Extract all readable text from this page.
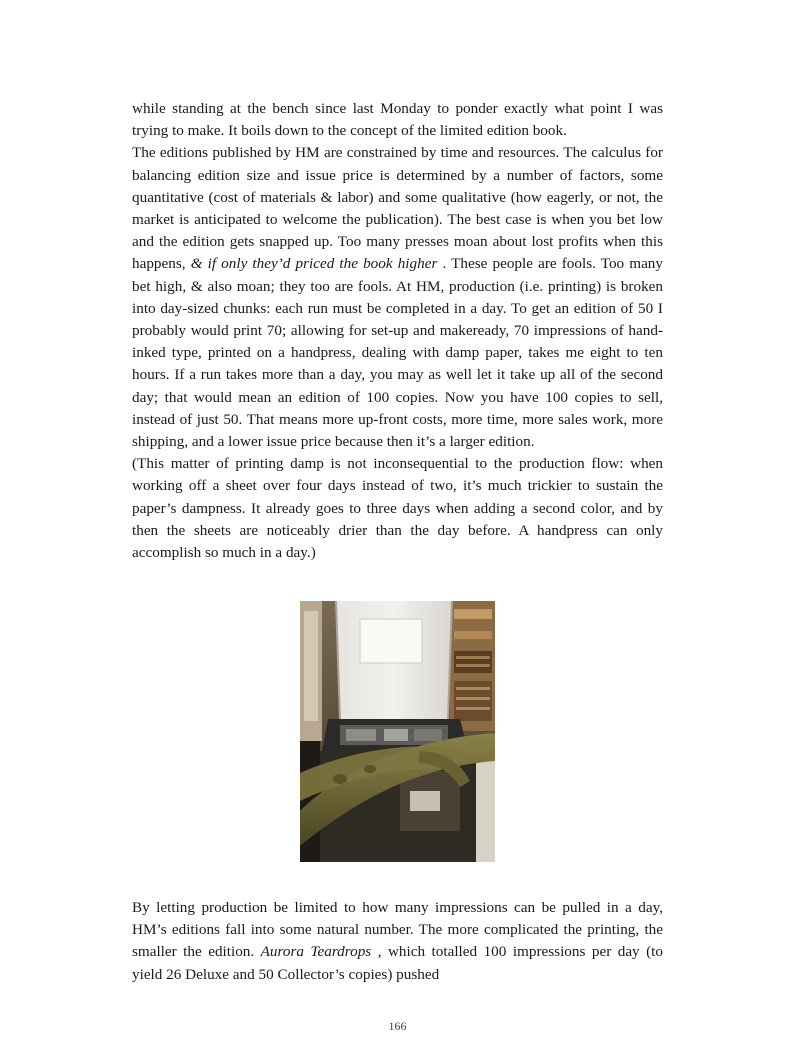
while standing at the bench since last Monday to ponder exactly what point I was trying to make. It boils down to the concept of the limited edition book.

The editions published by HM are constrained by time and resources. The calculus for balancing edition size and issue price is determined by a number of factors, some quantitative (cost of materials & labor) and some qualitative (how eagerly, or not, the market is anticipated to welcome the publication). The best case is when you bet low and the edition gets snapped up. Too many presses moan about lost profits when this happens, & if only they’d priced the book higher . These people are fools. Too many bet high, & also moan; they too are fools. At HM, production (i.e. printing) is broken into day-sized chunks: each run must be completed in a day. To get an edition of 50 I probably would print 70; allowing for set-up and makeready, 70 impressions of hand-inked type, printed on a handpress, dealing with damp paper, takes me eight to ten hours. If a run takes more than a day, you may as well let it take up all of the second day; that would mean an edition of 100 copies. Now you have 100 copies to sell, instead of just 50. That means more up-front costs, more time, more sales work, more shipping, and a lower issue price because then it’s a larger edition.

(This matter of printing damp is not inconsequential to the production flow: when working off a sheet over four days instead of two, it’s much trickier to sustain the paper’s dampness. It already goes to three days when adding a second color, and by then the sheets are noticeably drier than the day before. A handpress can only accomplish so much in a day.)

By letting production be limited to how many impressions can be pulled in a day, HM’s editions fall into some natural number. The more complicated the printing, the smaller the edition. Aurora Teardrops , which totalled 100 impressions per day (to yield 26 Deluxe and 50 Collector’s copies) pushed

166
